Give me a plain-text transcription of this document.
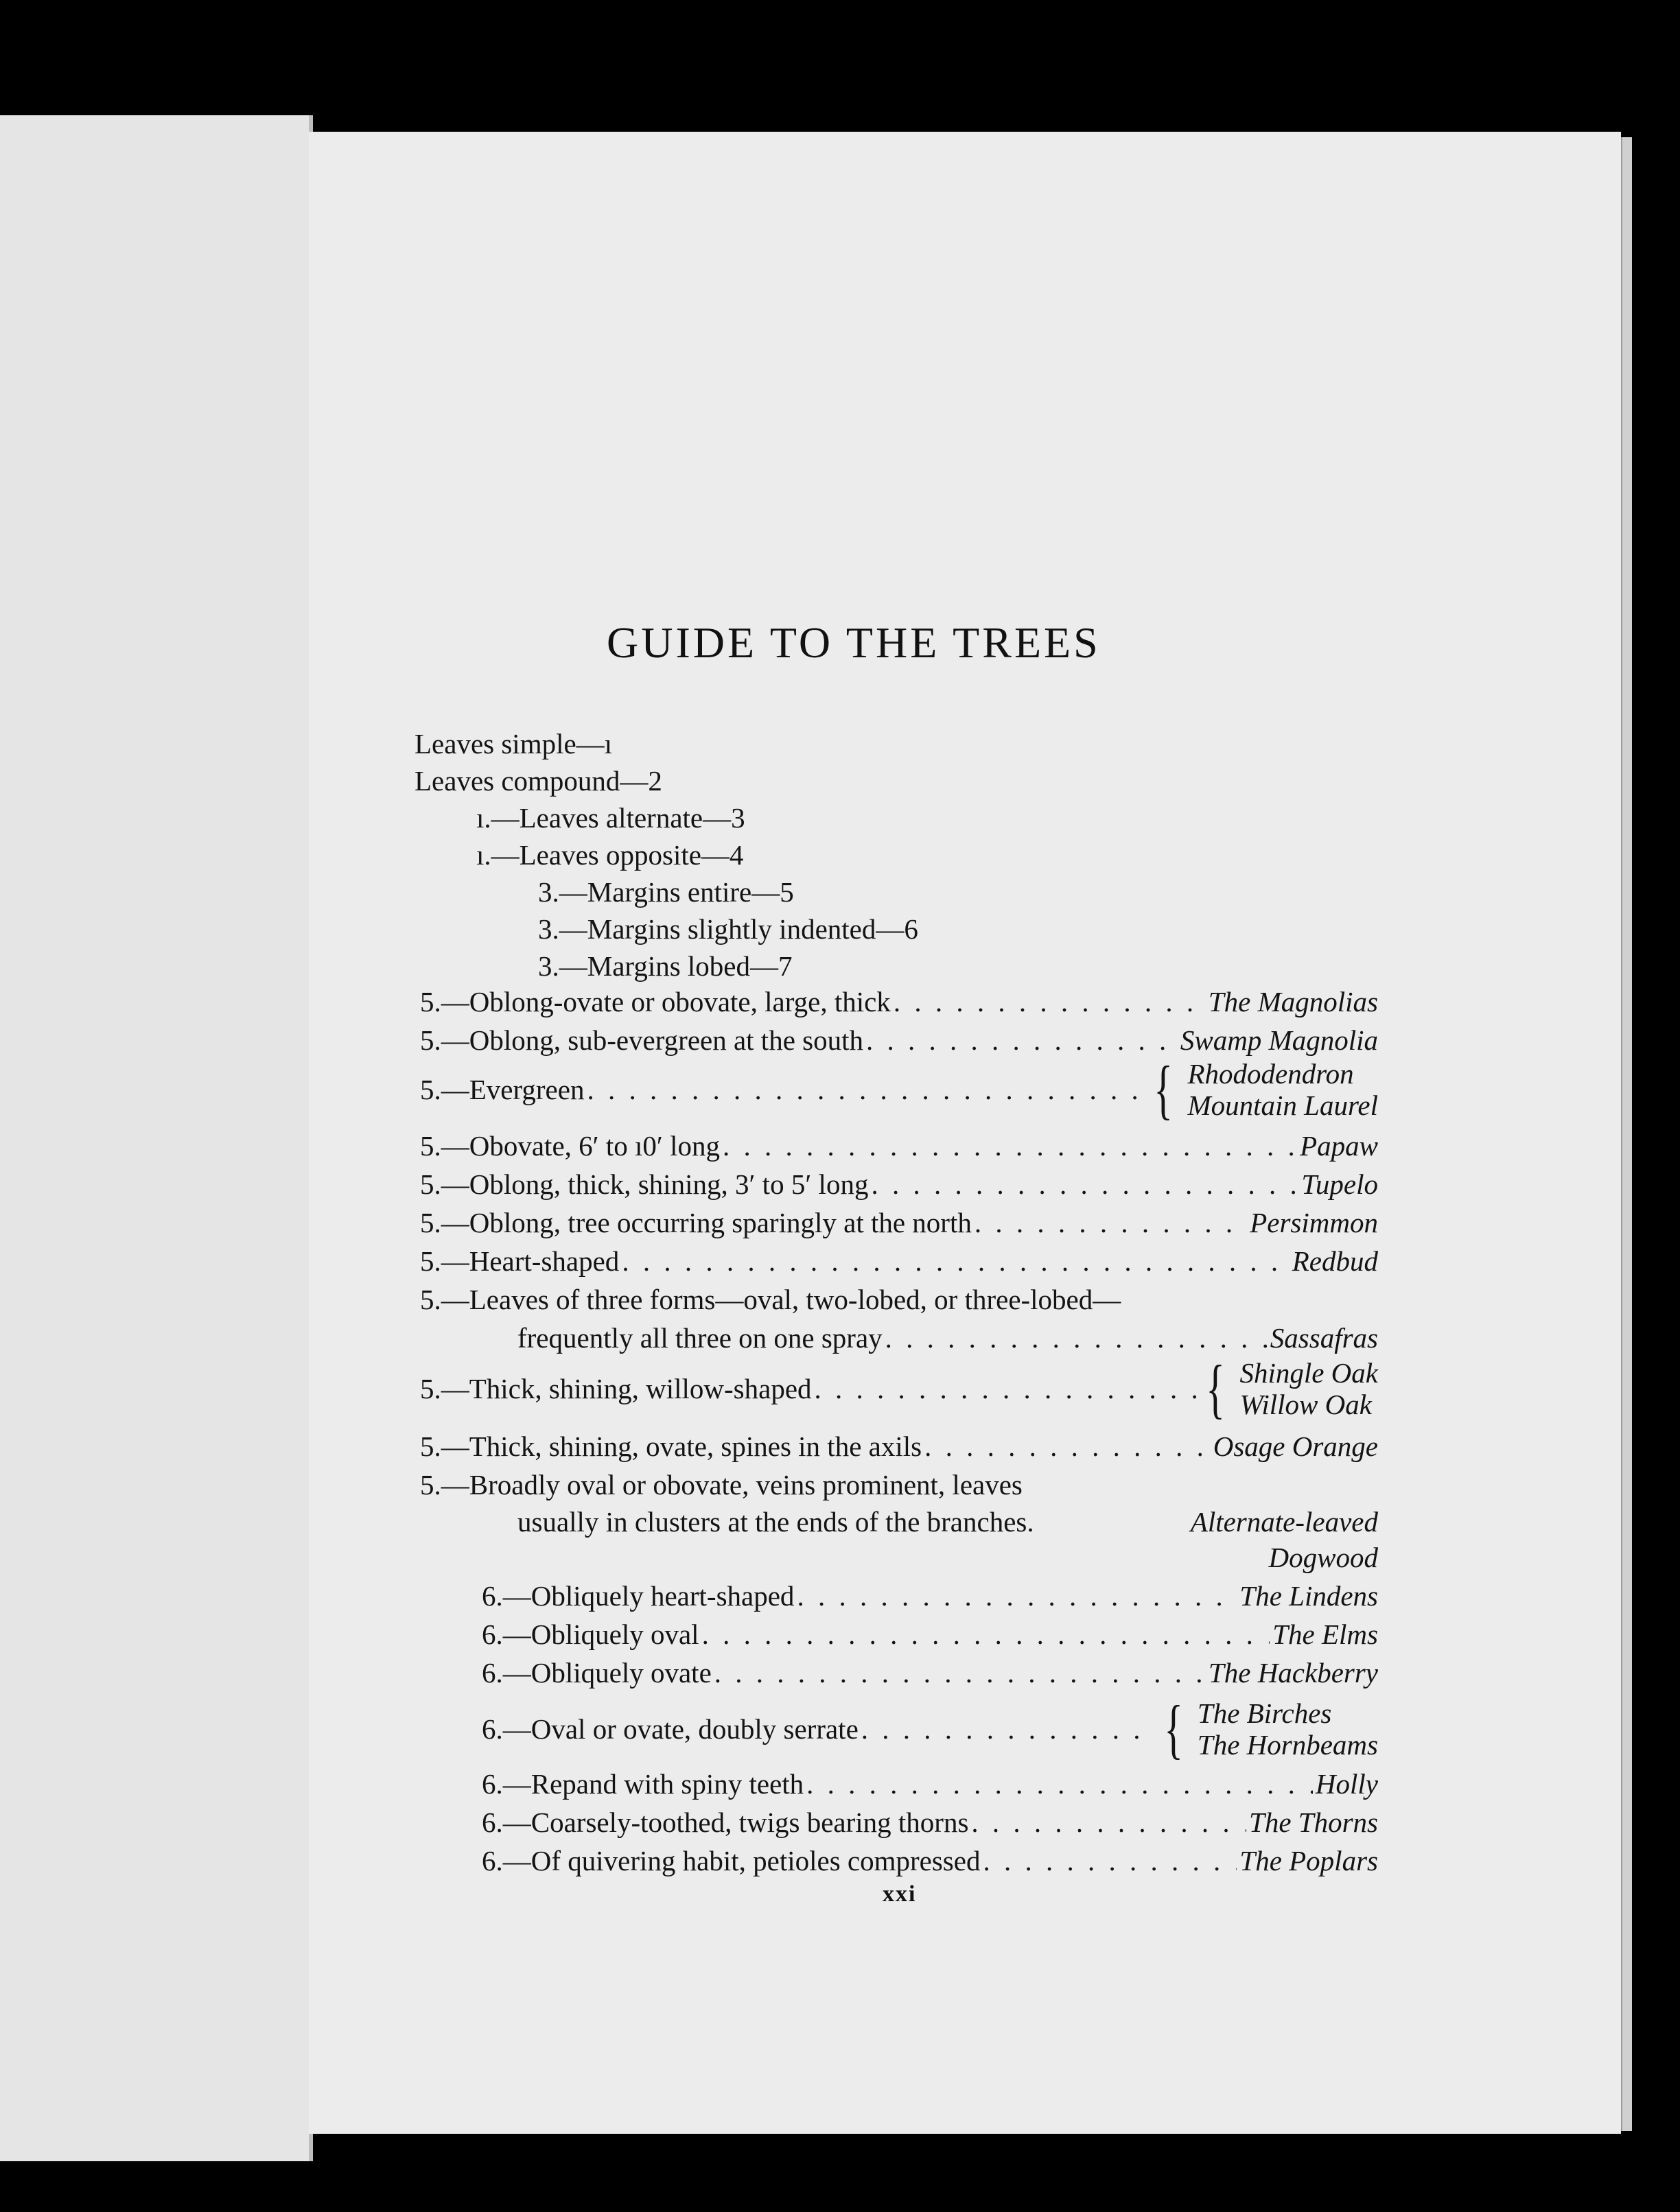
GUIDE TO THE TREES
Leaves simple—ı
Leaves compound—2
ı.—Leaves alternate—3
ı.—Leaves opposite—4
3.—Margins entire—5
3.—Margins slightly indented—6
3.—Margins lobed—7
5.—Oblong-ovate or obovate, large, thick . . .	The Magnolias
5.—Oblong, sub-evergreen at the south . . .	Swamp Magnolia
5.—Evergreen . . .	{ Rhododendron
Mountain Laurel
5.—Obovate, 6′ to ı0′ long . . .	Papaw
5.—Oblong, thick, shining, 3′ to 5′ long . . .	Tupelo
5.—Oblong, tree occurring sparingly at the north . . .	Persimmon
5.—Heart-shaped . . .	Redbud
5.—Leaves of three forms—oval, two-lobed, or three-lobed—
frequently all three on one spray . . .	Sassafras
5.—Thick, shining, willow-shaped . . .	{ Shingle Oak
Willow Oak
5.—Thick, shining, ovate, spines in the axils . . .	Osage Orange
5.—Broadly oval or obovate, veins prominent, leaves
usually in clusters at the ends of the branches.	Alternate-leaved
Dogwood
6.—Obliquely heart-shaped . . .	The Lindens
6.—Obliquely oval . . .	The Elms
6.—Obliquely ovate . . .	The Hackberry
6.—Oval or ovate, doubly serrate . . .	{ The Birches
The Hornbeams
6.—Repand with spiny teeth . . .	Holly
6.—Coarsely-toothed, twigs bearing thorns . . .	The Thorns
6.—Of quivering habit, petioles compressed . . .	The Poplars
xxi
